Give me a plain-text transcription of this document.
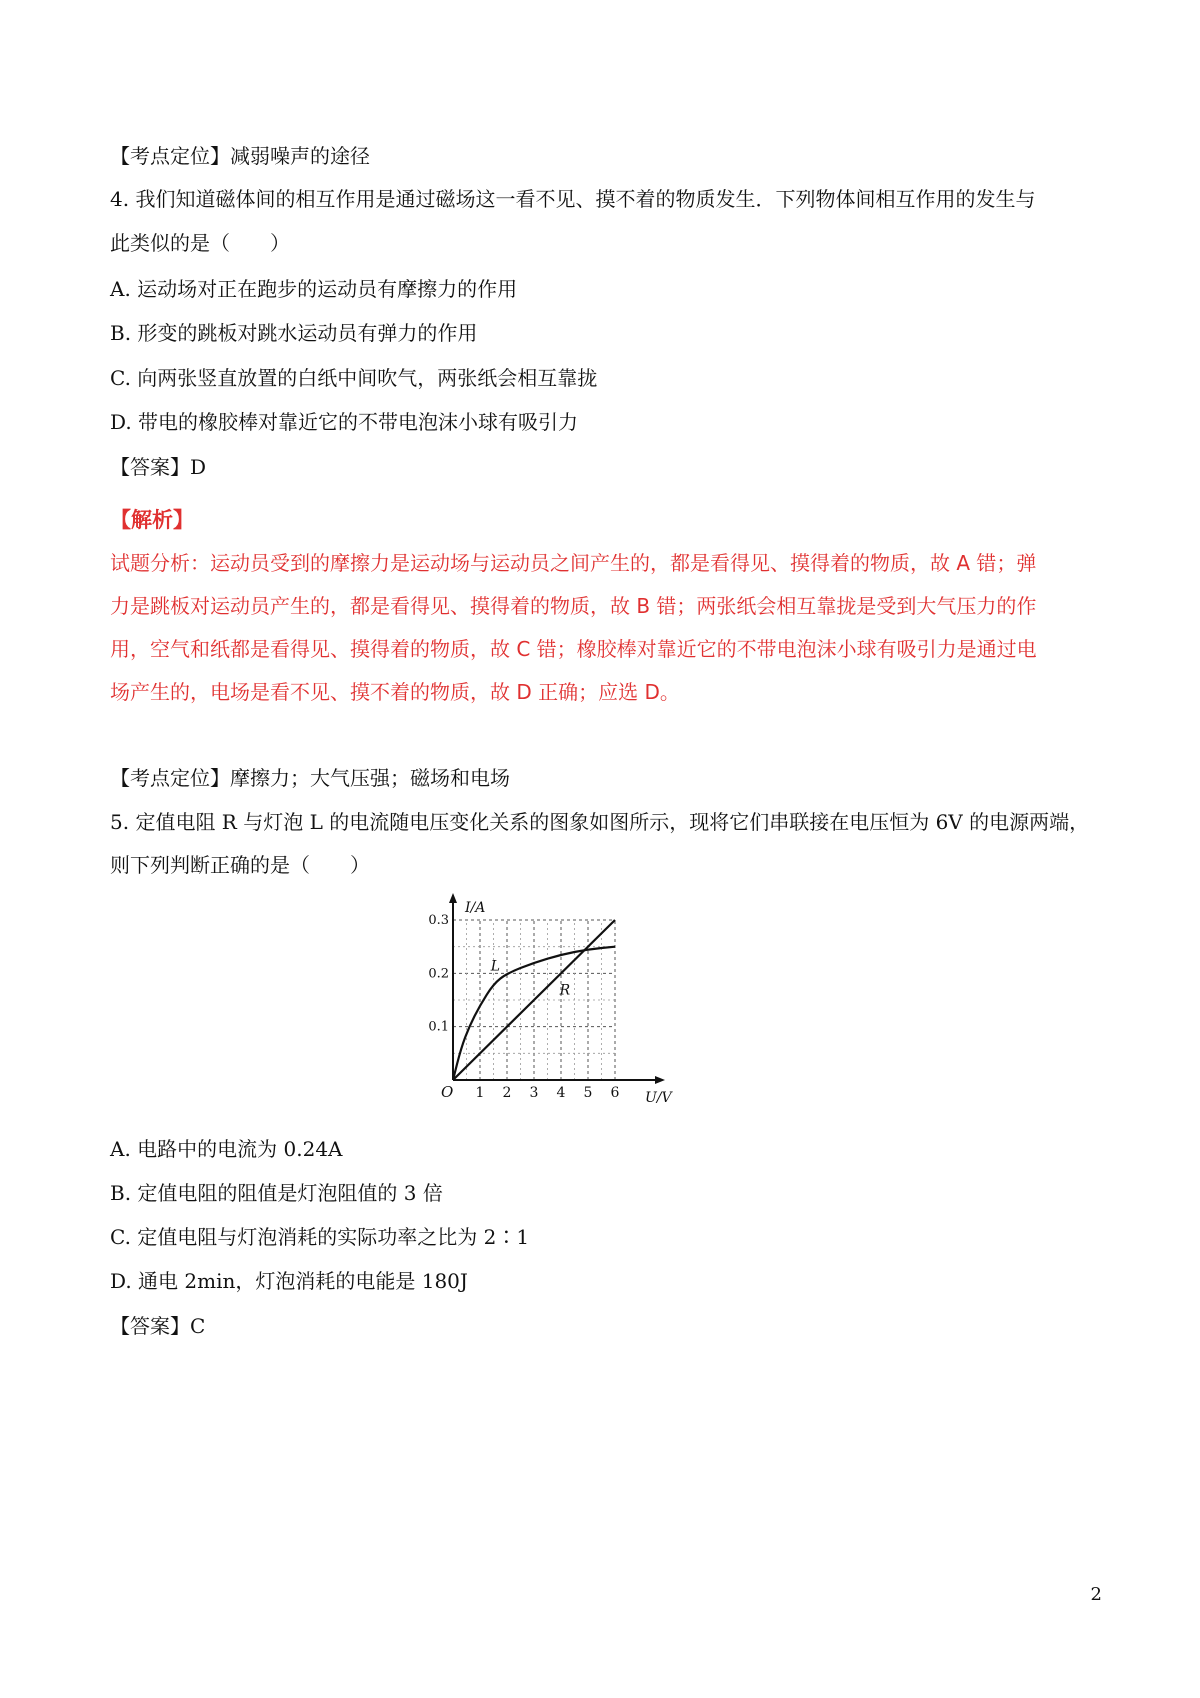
【考点定位】减弱噪声的途径
4. 我们知道磁体间的相互作用是通过磁场这一看不见、摸不着的物质发生．下列物体间相互作用的发生与
此类似的是（　　）
A. 运动场对正在跑步的运动员有摩擦力的作用
B. 形变的跳板对跳水运动员有弹力的作用
C. 向两张竖直放置的白纸中间吹气，两张纸会相互靠拢
D. 带电的橡胶棒对靠近它的不带电泡沫小球有吸引力
【答案】D
【解析】
试题分析：运动员受到的摩擦力是运动场与运动员之间产生的，都是看得见、摸得着的物质，故 A 错；弹
力是跳板对运动员产生的，都是看得见、摸得着的物质，故 B 错；两张纸会相互靠拢是受到大气压力的作
用，空气和纸都是看得见、摸得着的物质，故 C 错；橡胶棒对靠近它的不带电泡沫小球有吸引力是通过电
场产生的，电场是看不见、摸不着的物质，故 D 正确；应选 D。
【考点定位】摩擦力；大气压强；磁场和电场
5. 定值电阻 R 与灯泡 L 的电流随电压变化关系的图象如图所示，现将它们串联接在电压恒为 6V 的电源两端，
则下列判断正确的是（　　）
1 2 3 4 5 6
0.1
0.2
0.3
O	U/V
I/A
L
R
A. 电路中的电流为 0.24A
B. 定值电阻的阻值是灯泡阻值的 3 倍
C. 定值电阻与灯泡消耗的实际功率之比为 2∶1
D. 通电 2min，灯泡消耗的电能是 180J
【答案】C
2
